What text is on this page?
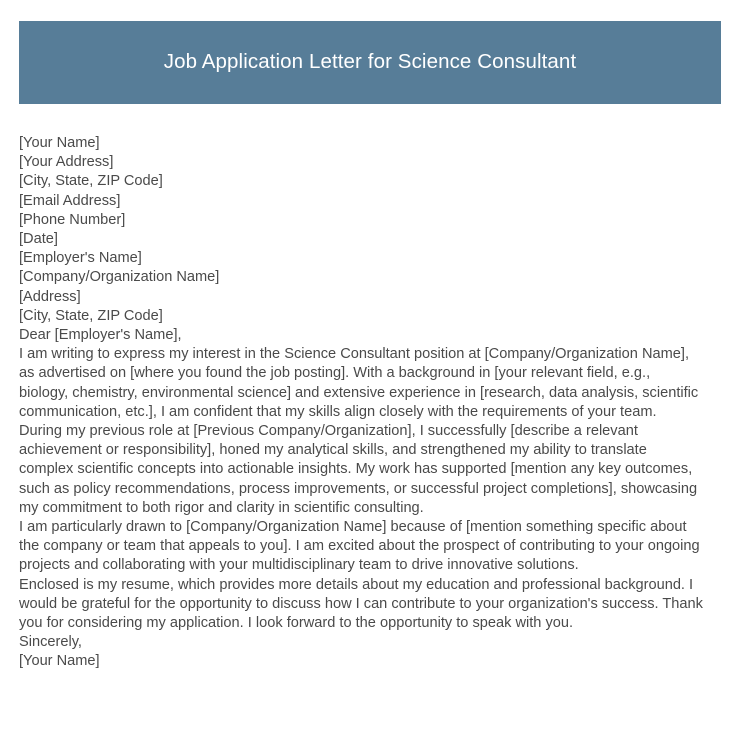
Job Application Letter for Science Consultant
[Your Name]
[Your Address]
[City, State, ZIP Code]
[Email Address]
[Phone Number]
[Date]
[Employer's Name]
[Company/Organization Name]
[Address]
[City, State, ZIP Code]
Dear [Employer's Name],
I am writing to express my interest in the Science Consultant position at [Company/Organization Name], as advertised on [where you found the job posting]. With a background in [your relevant field, e.g., biology, chemistry, environmental science] and extensive experience in [research, data analysis, scientific communication, etc.], I am confident that my skills align closely with the requirements of your team.
During my previous role at [Previous Company/Organization], I successfully [describe a relevant achievement or responsibility], honed my analytical skills, and strengthened my ability to translate complex scientific concepts into actionable insights. My work has supported [mention any key outcomes, such as policy recommendations, process improvements, or successful project completions], showcasing my commitment to both rigor and clarity in scientific consulting.
I am particularly drawn to [Company/Organization Name] because of [mention something specific about the company or team that appeals to you]. I am excited about the prospect of contributing to your ongoing projects and collaborating with your multidisciplinary team to drive innovative solutions.
Enclosed is my resume, which provides more details about my education and professional background. I would be grateful for the opportunity to discuss how I can contribute to your organization's success. Thank you for considering my application. I look forward to the opportunity to speak with you.
Sincerely,
[Your Name]
